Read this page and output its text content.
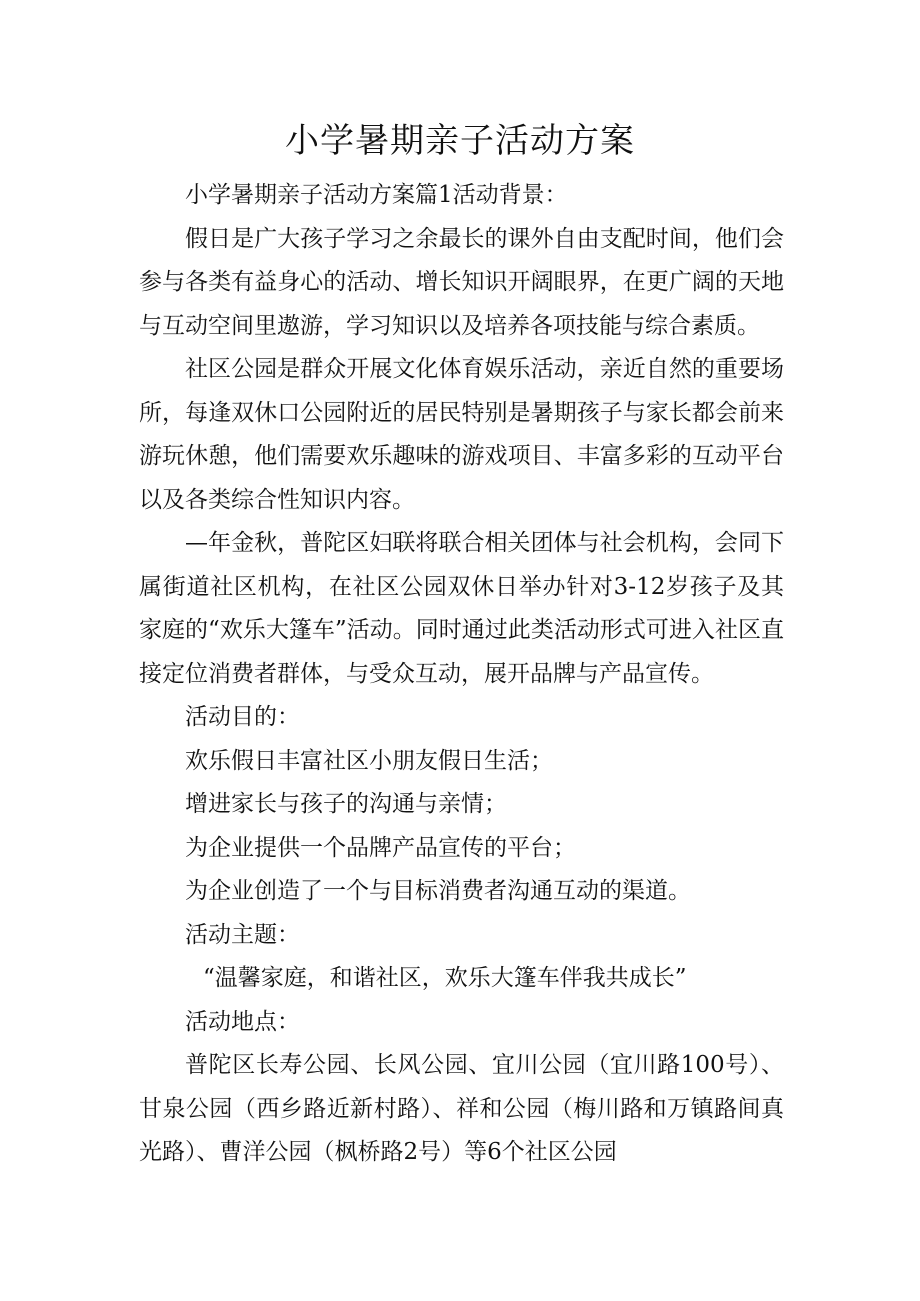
小学暑期亲子活动方案

小学暑期亲子活动方案篇1活动背景：

假日是广大孩子学习之余最长的课外自由支配时间，他们会参与各类有益身心的活动、增长知识开阔眼界，在更广阔的天地与互动空间里遨游，学习知识以及培养各项技能与综合素质。

社区公园是群众开展文化体育娱乐活动，亲近自然的重要场所，每逢双休口公园附近的居民特别是暑期孩子与家长都会前来游玩休憩，他们需要欢乐趣味的游戏项目、丰富多彩的互动平台以及各类综合性知识内容。

—年金秋，普陀区妇联将联合相关团体与社会机构，会同下属街道社区机构，在社区公园双休日举办针对3-12岁孩子及其家庭的“欢乐大篷车”活动。同时通过此类活动形式可进入社区直接定位消费者群体，与受众互动，展开品牌与产品宣传。

活动目的：

欢乐假日丰富社区小朋友假日生活；

增进家长与孩子的沟通与亲情；

为企业提供一个品牌产品宣传的平台；

为企业创造了一个与目标消费者沟通互动的渠道。

活动主题：

“温馨家庭，和谐社区，欢乐大篷车伴我共成长”

活动地点：

普陀区长寿公园、长风公园、宜川公园（宜川路100号）、甘泉公园（西乡路近新村路）、祥和公园（梅川路和万镇路间真光路）、曹洋公园（枫桥路2号）等6个社区公园
